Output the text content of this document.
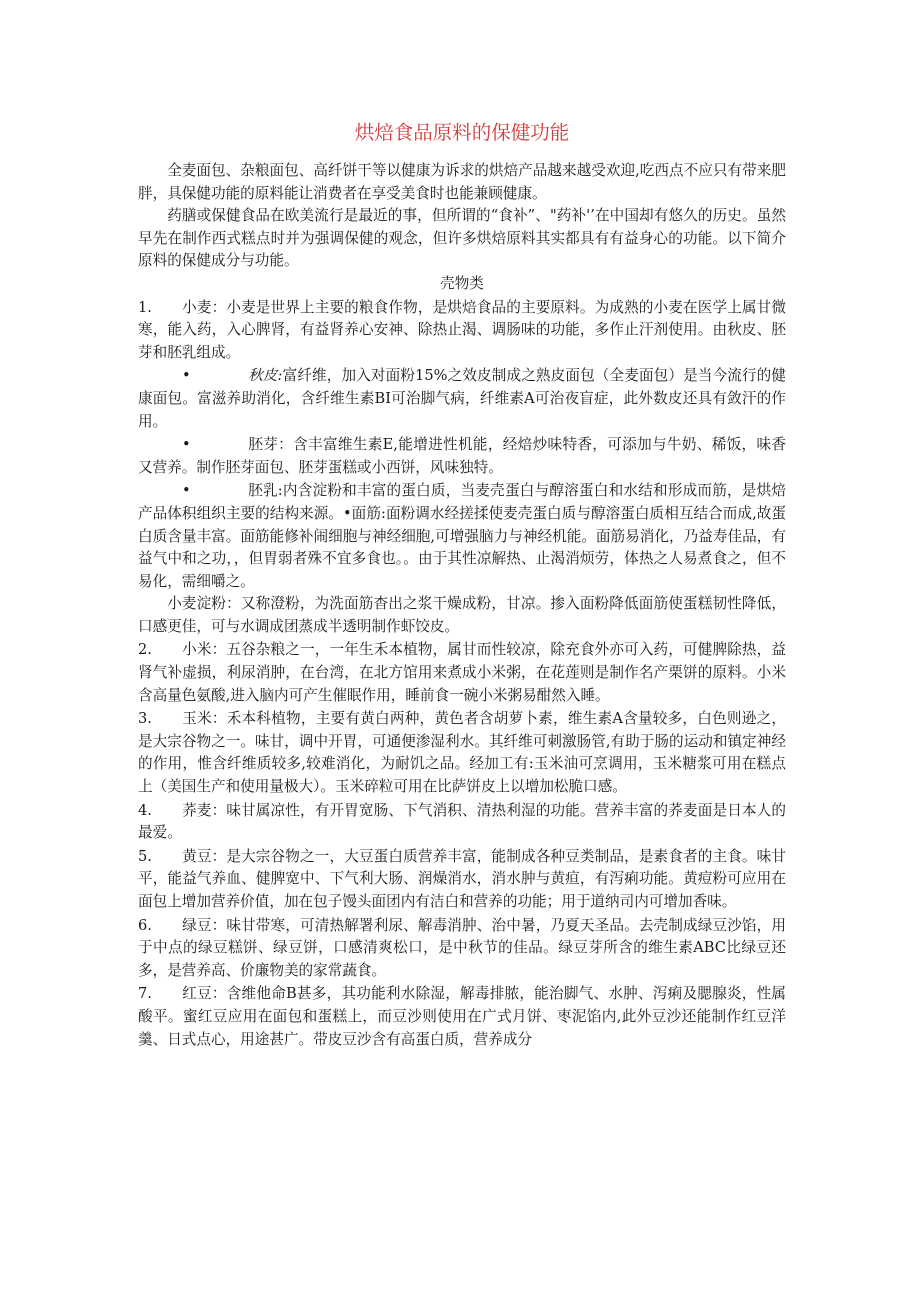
烘焙食品原料的保健功能

全麦面包、杂粮面包、高纤饼干等以健康为诉求的烘焙产品越来越受欢迎,吃西点不应只有带来肥胖，具保健功能的原料能让消费者在享受美食时也能兼顾健康。

药膳或保健食品在欧美流行是最近的事，但所谓的“食补”、"药补'’在中国却有悠久的历史。虽然早先在制作西式糕点时并为强调保健的观念，但许多烘焙原料其实都具有有益身心的功能。以下简介原料的保健成分与功能。

壳物类

1. 小麦：小麦是世界上主要的粮食作物，是烘焙食品的主要原料。为成熟的小麦在医学上属甘微寒，能入药，入心脾肾，有益肾养心安神、除热止渴、调肠味的功能，多作止汗剂使用。由秋皮、胚芽和胚乳组成。

•	秋皮:富纤维，加入对面粉15%之效皮制成之熟皮面包（全麦面包）是当今流行的健康面包。富滋养助消化，含纤维生素BI可治脚气病，纤维素A可治夜盲症，此外数皮还具有敛汗的作用。

•	胚芽：含丰富维生素E,能增进性机能，经焙炒味特香，可添加与牛奶、稀饭，味香又营养。制作胚芽面包、胚芽蛋糕或小西饼，风味独特。

•	胚乳:内含淀粉和丰富的蛋白质，当麦壳蛋白与醇溶蛋白和水结和形成而筋，是烘焙产品体积组织主要的结构来源。•面筋:面粉调水经搓揉使麦壳蛋白质与醇溶蛋白质相互结合而成,故蛋白质含量丰富。面筋能修补闹细胞与神经细胞,可增强脑力与神经机能。面筋易消化，乃益寿佳品，有益气中和之功，，但胃弱者殊不宜多食也。。由于其性凉解热、止渴消烦劳，体热之人易煮食之，但不易化，需细嚼之。

小麦淀粉：又称澄粉，为洗面筋杳出之浆干燥成粉，甘凉。掺入面粉降低面筋使蛋糕韧性降低，口感更佳，可与水调成团蒸成半透明制作虾饺皮。

2. 小米：五谷杂粮之一，一年生禾本植物，属甘而性较凉，除充食外亦可入药，可健脾除热，益肾气补虚损，利尿消肿，在台湾，在北方馆用来煮成小米粥，在花莲则是制作名产栗饼的原料。小米含高量色氨酸,进入脑内可产生催眠作用，睡前食一碗小米粥易酣然入睡。

3. 玉米：禾本科植物，主要有黄白两种，黄色者含胡萝卜素，维生素A含量较多，白色则逊之，是大宗谷物之一。味甘，调中开胃，可通便渗湿利水。其纤维可刺激肠管,有助于肠的运动和镇定神经的作用，惟含纤维质较多,较难消化，为耐饥之品。经加工有:玉米油可烹调用，玉米糖浆可用在糕点上（美国生产和使用量极大）。玉米碎粒可用在比萨饼皮上以增加松脆口感。

4. 荞麦：味甘属凉性，有开胃宽肠、下气消积、清热利湿的功能。营养丰富的荞麦面是日本人的最爱。

5. 黄豆：是大宗谷物之一，大豆蛋白质营养丰富，能制成各种豆类制品，是素食者的主食。味甘平，能益气养血、健脾宽中、下气利大肠、润燥消水，消水肿与黄疸，有泻痢功能。黄痘粉可应用在面包上增加营养价值，加在包子馒头面团内有洁白和营养的功能；用于道纳司内可增加香味。

6. 绿豆：味甘带寒，可清热解署利尿、解毒消肿、治中暑，乃夏天圣品。去壳制成绿豆沙馅，用于中点的绿豆糕饼、绿豆饼，口感清爽松口，是中秋节的佳品。绿豆芽所含的维生素ABC比绿豆还多，是营养高、价廉物美的家常蔬食。

7. 红豆：含维他命B甚多，其功能利水除湿，解毒排脓，能治脚气、水肿、泻痢及腮腺炎，性属酸平。蜜红豆应用在面包和蛋糕上，而豆沙则使用在广式月饼、枣泥馅内,此外豆沙还能制作红豆洋羹、日式点心，用途甚广。带皮豆沙含有高蛋白质，营养成分
